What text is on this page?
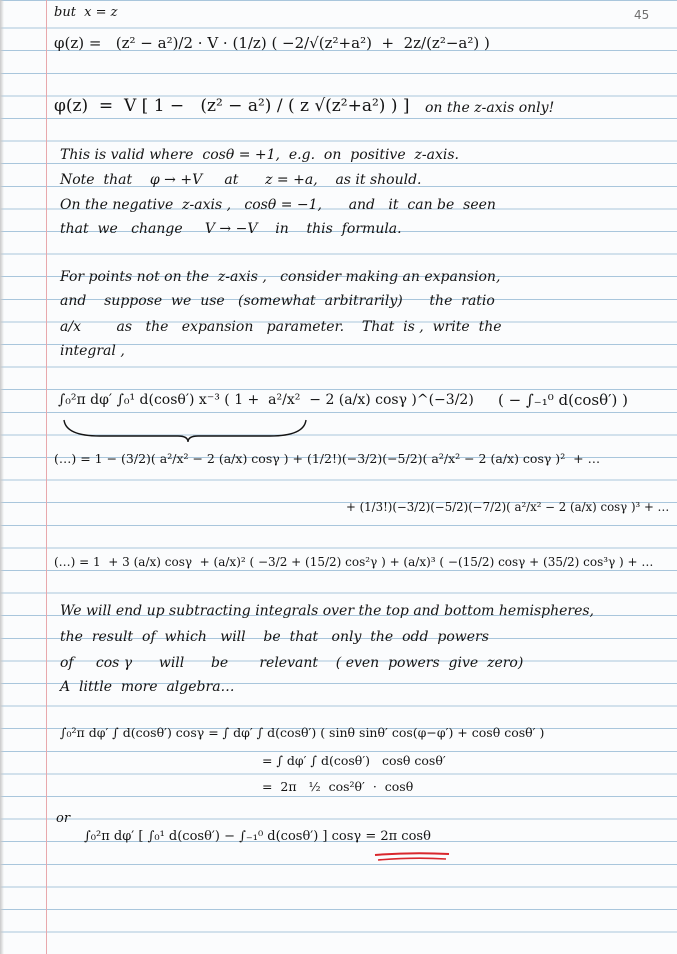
45
but  x = z
φ(z) =   (z² − a²)/2 · V · (1/z) ( −2/√(z²+a²)  +  2z/(z²−a²) )
φ(z)  =  V [ 1 −   (z² − a²) / ( z √(z²+a²) ) ] on the z-axis only!
This is valid where  cosθ = +1,  e.g.  on  positive  z-axis.
Note  that    φ → +V     at      z = +a,    as it should.
On the negative  z-axis ,   cosθ = −1,      and   it  can be  seen
that  we   change     V → −V    in    this  formula.
For points not on the  z-axis ,   consider making an expansion,
and    suppose  we  use   (somewhat  arbitrarily)      the  ratio
a/x        as   the   expansion   parameter.    That  is ,  write  the
integral ,
∫₀²π dφ′ ∫₀¹ d(cosθ′) x⁻³ ( 1 +  a²/x²  − 2 (a/x) cosγ )^(−3/2) ( − ∫₋₁⁰ d(cosθ′) )
(…) = 1 − (3/2)( a²/x² − 2 (a/x) cosγ ) + (1/2!)(−3/2)(−5/2)( a²/x² − 2 (a/x) cosγ )²  + …
+ (1/3!)(−3/2)(−5/2)(−7/2)( a²/x² − 2 (a/x) cosγ )³ + …
(…) = 1  + 3 (a/x) cosγ  + (a/x)² ( −3/2 + (15/2) cos²γ ) + (a/x)³ ( −(15/2) cosγ + (35/2) cos³γ ) + …
We will end up subtracting integrals over the top and bottom hemispheres,
the  result  of  which   will    be  that   only  the  odd  powers
of     cos γ      will      be       relevant    ( even  powers  give  zero)
A  little  more  algebra…
∫₀²π dφ′ ∫ d(cosθ′) cosγ = ∫ dφ′ ∫ d(cosθ′) ( sinθ sinθ′ cos(φ−φ′) + cosθ cosθ′ )
= ∫ dφ′ ∫ d(cosθ′)   cosθ cosθ′
=  2π   ½  cos²θ′  ·  cosθ
or
∫₀²π dφ′ [ ∫₀¹ d(cosθ′) − ∫₋₁⁰ d(cosθ′) ] cosγ = 2π cosθ
